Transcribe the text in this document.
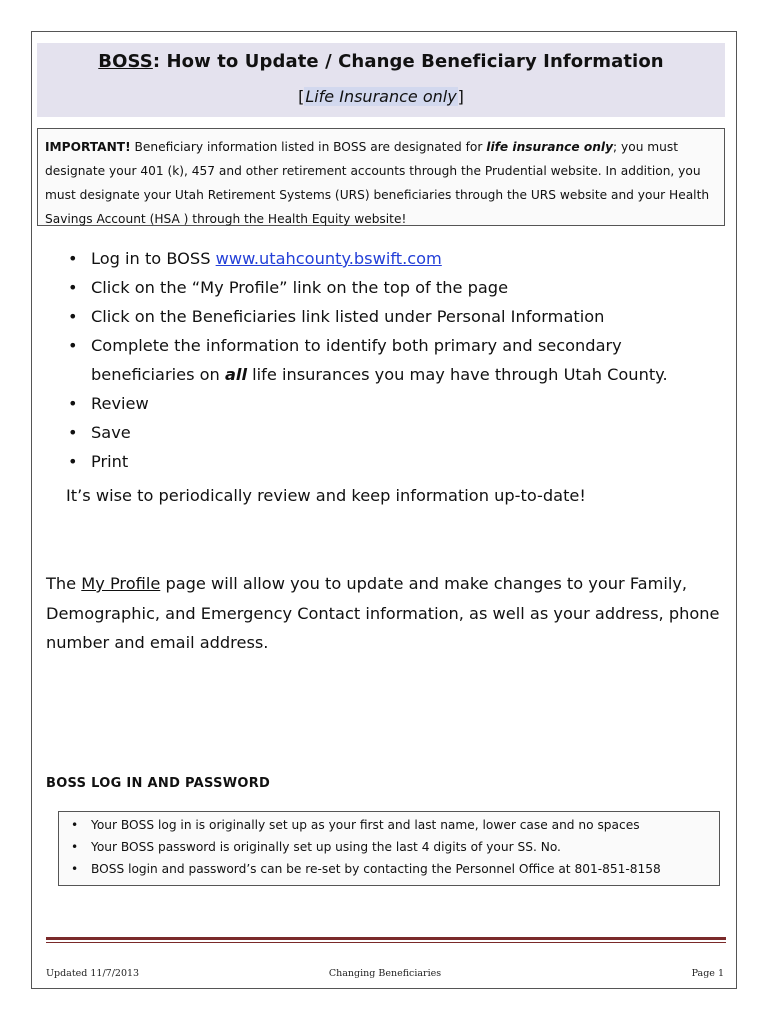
BOSS: How to Update / Change Beneficiary Information
[Life Insurance only]
IMPORTANT! Beneficiary information listed in BOSS are designated for life insurance only; you must designate your 401 (k), 457 and other retirement accounts through the Prudential website. In addition, you must designate your Utah Retirement Systems (URS) beneficiaries through the URS website and your Health Savings Account (HSA ) through the Health Equity website!
• Log in to BOSS www.utahcounty.bswift.com
• Click on the “My Profile” link on the top of the page
• Click on the Beneficiaries link listed under Personal Information
• Complete the information to identify both primary and secondary beneficiaries on all life insurances you may have through Utah County.
• Review
• Save
• Print
It’s wise to periodically review and keep information up-to-date!
The My Profile page will allow you to update and make changes to your Family, Demographic, and Emergency Contact information, as well as your address, phone number and email address.
BOSS LOG IN AND PASSWORD
• Your BOSS log in is originally set up as your first and last name, lower case and no spaces
• Your BOSS password is originally set up using the last 4 digits of your SS. No.
• BOSS login and password’s can be re-set by contacting the Personnel Office at 801-851-8158
Updated 11/7/2013	Changing Beneficiaries	Page 1
